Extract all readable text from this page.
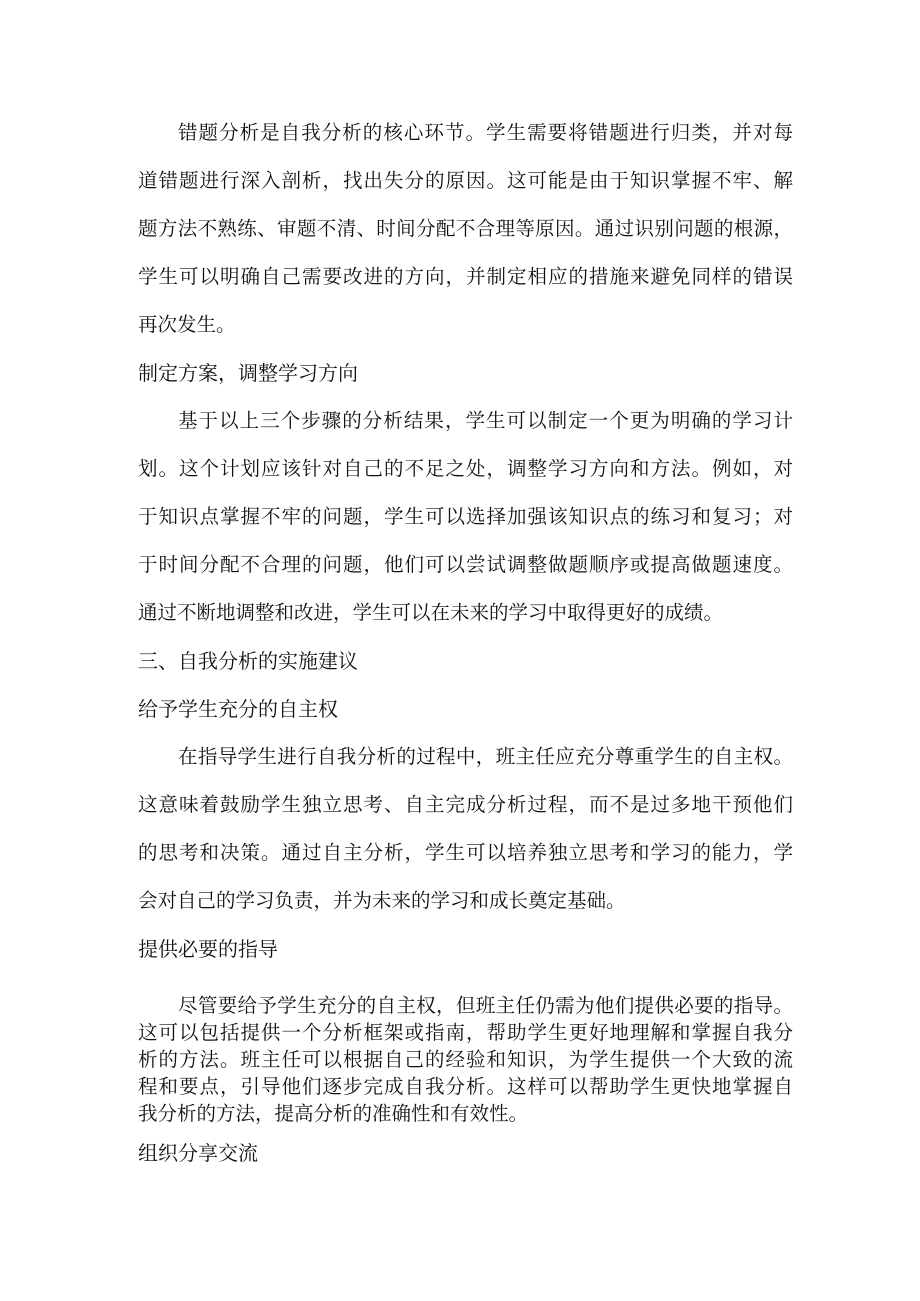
错题分析是自我分析的核心环节。学生需要将错题进行归类，并对每
道错题进行深入剖析，找出失分的原因。这可能是由于知识掌握不牢、解
题方法不熟练、审题不清、时间分配不合理等原因。通过识别问题的根源，
学生可以明确自己需要改进的方向，并制定相应的措施来避免同样的错误
再次发生。
制定方案，调整学习方向
基于以上三个步骤的分析结果，学生可以制定一个更为明确的学习计
划。这个计划应该针对自己的不足之处，调整学习方向和方法。例如，对
于知识点掌握不牢的问题，学生可以选择加强该知识点的练习和复习；对
于时间分配不合理的问题，他们可以尝试调整做题顺序或提高做题速度。
通过不断地调整和改进，学生可以在未来的学习中取得更好的成绩。
三、自我分析的实施建议
给予学生充分的自主权
在指导学生进行自我分析的过程中，班主任应充分尊重学生的自主权。
这意味着鼓励学生独立思考、自主完成分析过程，而不是过多地干预他们
的思考和决策。通过自主分析，学生可以培养独立思考和学习的能力，学
会对自己的学习负责，并为未来的学习和成长奠定基础。
提供必要的指导
尽管要给予学生充分的自主权，但班主任仍需为他们提供必要的指导。
这可以包括提供一个分析框架或指南，帮助学生更好地理解和掌握自我分
析的方法。班主任可以根据自己的经验和知识，为学生提供一个大致的流
程和要点，引导他们逐步完成自我分析。这样可以帮助学生更快地掌握自
我分析的方法，提高分析的准确性和有效性。
组织分享交流
